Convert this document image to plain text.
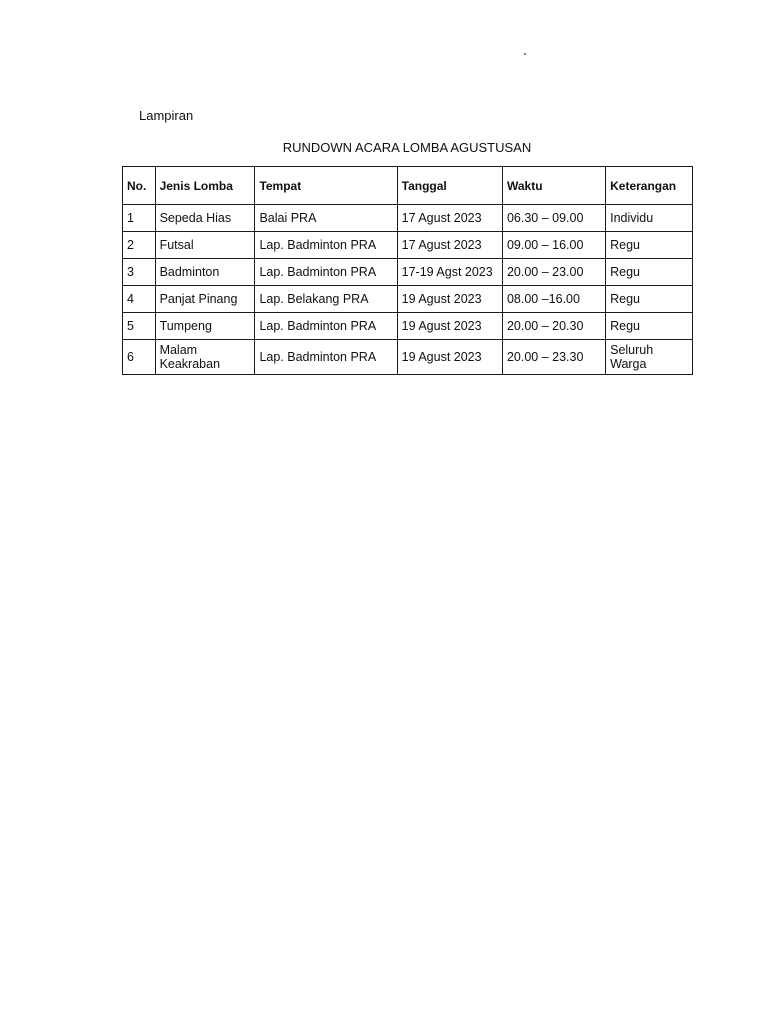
Lampiran
RUNDOWN ACARA LOMBA AGUSTUSAN
No.	Jenis Lomba	Tempat	Tanggal	Waktu	Keterangan
1	Sepeda Hias	Balai PRA	17 Agust 2023	06.30 – 09.00	Individu
2	Futsal	Lap. Badminton PRA	17 Agust 2023	09.00 – 16.00	Regu
3	Badminton	Lap. Badminton PRA	17-19 Agst 2023	20.00 – 23.00	Regu
4	Panjat Pinang	Lap. Belakang PRA	19 Agust 2023	08.00 –16.00	Regu
5	Tumpeng	Lap. Badminton PRA	19 Agust 2023	20.00 – 20.30	Regu
6	Malam Keakraban	Lap. Badminton PRA	19 Agust 2023	20.00 – 23.30	Seluruh Warga
